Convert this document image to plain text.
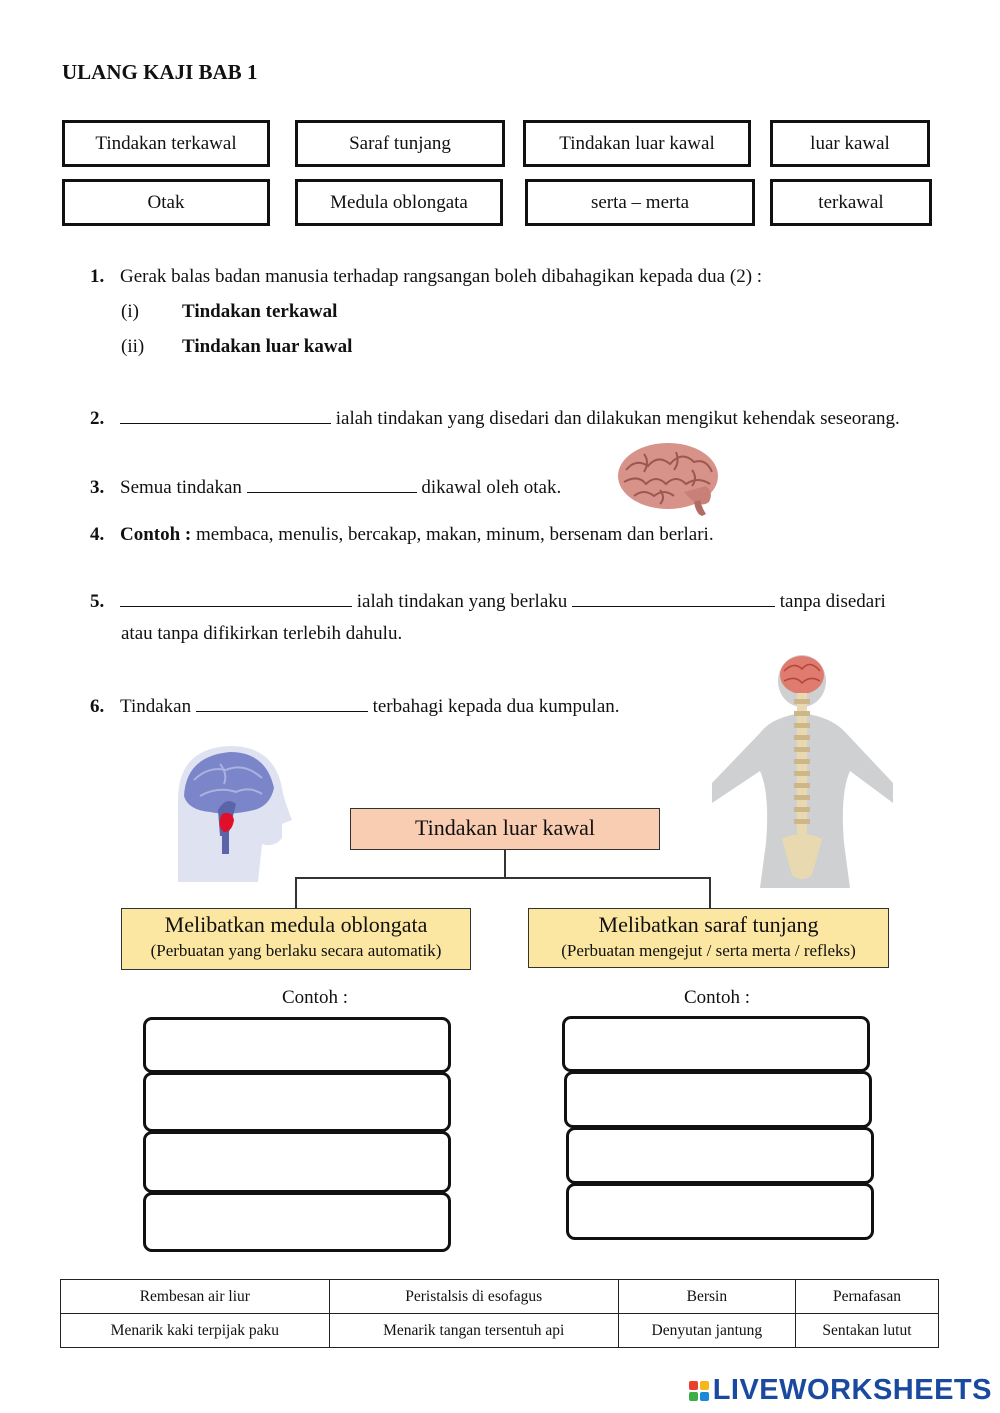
ULANG KAJI BAB 1
Tindakan terkawal	Saraf tunjang	Tindakan luar kawal	luar kawal
Otak	Medula oblongata	serta – merta	terkawal
1. Gerak balas badan manusia terhadap rangsangan boleh dibahagikan kepada dua (2) :
(i) Tindakan terkawal
(ii) Tindakan luar kawal
2.	ialah tindakan yang disedari dan dilakukan mengikut kehendak seseorang.
3. Semua tindakan	dikawal oleh otak.
4. Contoh : membaca, menulis, bercakap, makan, minum, bersenam dan berlari.
5.	ialah tindakan yang berlaku	tanpa disedari
atau tanpa difikirkan terlebih dahulu.
6. Tindakan	terbahagi kepada dua kumpulan.
Tindakan luar kawal
Melibatkan medula oblongata
(Perbuatan yang berlaku secara automatik)
Melibatkan saraf tunjang
(Perbuatan mengejut / serta merta / refleks)
Contoh :	Contoh :
Rembesan air liur	Peristalsis di esofagus	Bersin	Pernafasan
Menarik kaki terpijak paku	Menarik tangan tersentuh api	Denyutan jantung	Sentakan lutut
LIVEWORKSHEETS
